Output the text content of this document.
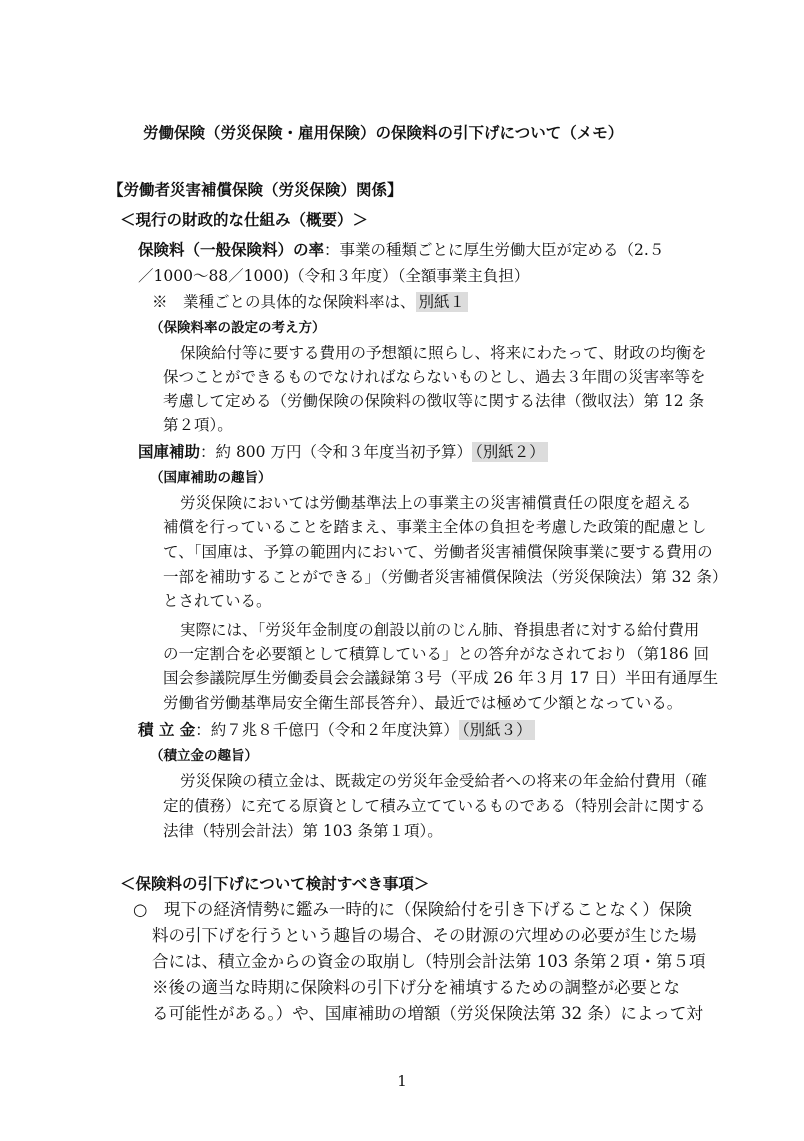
労働保険（労災保険・雇用保険）の保険料の引下げについて（メモ）
【労働者災害補償保険（労災保険）関係】
＜現行の財政的な仕組み（概要）＞
保険料（一般保険料）の率：事業の種類ごとに厚生労働大臣が定める（2.５
／1000～88／1000)（令和３年度）（全額事業主負担）
※　業種ごとの具体的な保険料率は、 別紙１
（保険料率の設定の考え方）
保険給付等に要する費用の予想額に照らし、将来にわたって、財政の均衡を
保つことができるものでなければならないものとし、過去３年間の災害率等を
考慮して定める（労働保険の保険料の徴収等に関する法律（徴収法）第 12 条
第２項）。
国庫補助：約 800 万円（令和３年度当初予算） （別紙２）
（国庫補助の趣旨）
労災保険においては労働基準法上の事業主の災害補償責任の限度を超える
補償を行っていることを踏まえ、事業主全体の負担を考慮した政策的配慮とし
て、「国庫は、予算の範囲内において、労働者災害補償保険事業に要する費用の
一部を補助することができる」（労働者災害補償保険法（労災保険法）第 32 条）
とされている。
実際には、「労災年金制度の創設以前のじん肺、脊損患者に対する給付費用
の一定割合を必要額として積算している」との答弁がなされており（第186 回
国会参議院厚生労働委員会会議録第３号（平成 26 年３月 17 日）半田有通厚生
労働省労働基準局安全衛生部長答弁）、最近では極めて少額となっている。
積 立 金：約７兆８千億円（令和２年度決算） （別紙３）
（積立金の趣旨）
労災保険の積立金は、既裁定の労災年金受給者への将来の年金給付費用（確
定的債務）に充てる原資として積み立てているものである（特別会計に関する
法律（特別会計法）第 103 条第１項）。
＜保険料の引下げについて検討すべき事項＞
○　現下の経済情勢に鑑み一時的に（保険給付を引き下げることなく）保険
料の引下げを行うという趣旨の場合、その財源の穴埋めの必要が生じた場
合には、積立金からの資金の取崩し（特別会計法第 103 条第２項・第５項
※後の適当な時期に保険料の引下げ分を補填するための調整が必要とな
る可能性がある。）や、国庫補助の増額（労災保険法第 32 条）によって対
1
